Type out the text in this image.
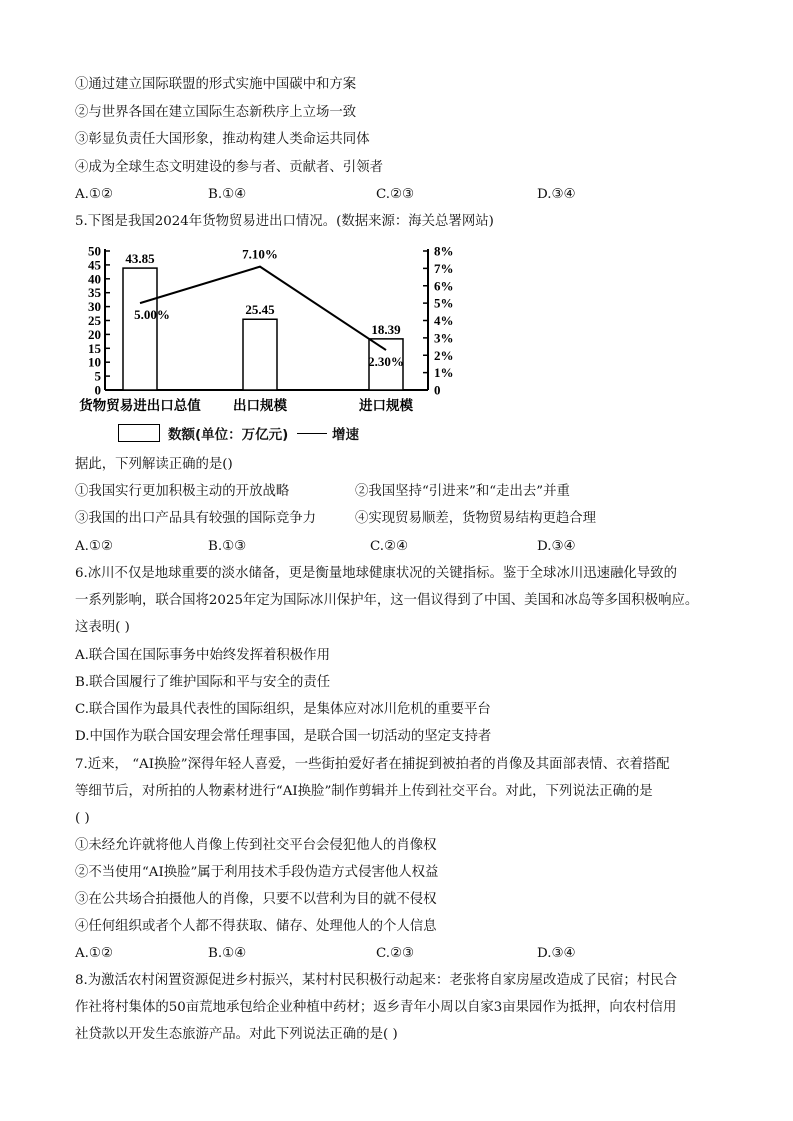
①通过建立国际联盟的形式实施中国碳中和方案
②与世界各国在建立国际生态新秩序上立场一致
③彰显负责任大国形象，推动构建人类命运共同体
④成为全球生态文明建设的参与者、贡献者、引领者
A.①②	B.①④	C.②③	D.③④
5.下图是我国2024年货物贸易进出口情况。(数据来源：海关总署网站)
0
5
10
15
20
25
30
35
40
45
50
0
1%
2%
3%
4%
5%
6%
7%
8%
43.85
25.45
18.39
货物贸易进出口总值 出口规模	进口规模
5.00%
7.10%
2.30%
数额(单位：万亿元)	增速
据此，下列解读正确的是()
①我国实行更加积极主动的开放战略	②我国坚持“引进来”和“走出去”并重
③我国的出口产品具有较强的国际竞争力	④实现贸易顺差，货物贸易结构更趋合理
A.①②	B.①③	C.②④	D.③④
6.冰川不仅是地球重要的淡水储备，更是衡量地球健康状况的关键指标。鉴于全球冰川迅速融化导致的
一系列影响，联合国将2025年定为国际冰川保护年，这一倡议得到了中国、美国和冰岛等多国积极响应。
这表明( )
A.联合国在国际事务中始终发挥着积极作用
B.联合国履行了维护国际和平与安全的责任
C.联合国作为最具代表性的国际组织，是集体应对冰川危机的重要平台
D.中国作为联合国安理会常任理事国，是联合国一切活动的坚定支持者
7.近来， “AI换脸”深得年轻人喜爱，一些街拍爱好者在捕捉到被拍者的肖像及其面部表情、衣着搭配
等细节后，对所拍的人物素材进行“AI换脸”制作剪辑并上传到社交平台。对此，下列说法正确的是
( )
①未经允许就将他人肖像上传到社交平台会侵犯他人的肖像权
②不当使用“AI换脸”属于利用技术手段伪造方式侵害他人权益
③在公共场合拍摄他人的肖像，只要不以营利为目的就不侵权
④任何组织或者个人都不得获取、储存、处理他人的个人信息
A.①②	B.①④	C.②③	D.③④
8.为激活农村闲置资源促进乡村振兴，某村村民积极行动起来：老张将自家房屋改造成了民宿；村民合
作社将村集体的50亩荒地承包给企业种植中药材；返乡青年小周以自家3亩果园作为抵押，向农村信用
社贷款以开发生态旅游产品。对此下列说法正确的是( )
